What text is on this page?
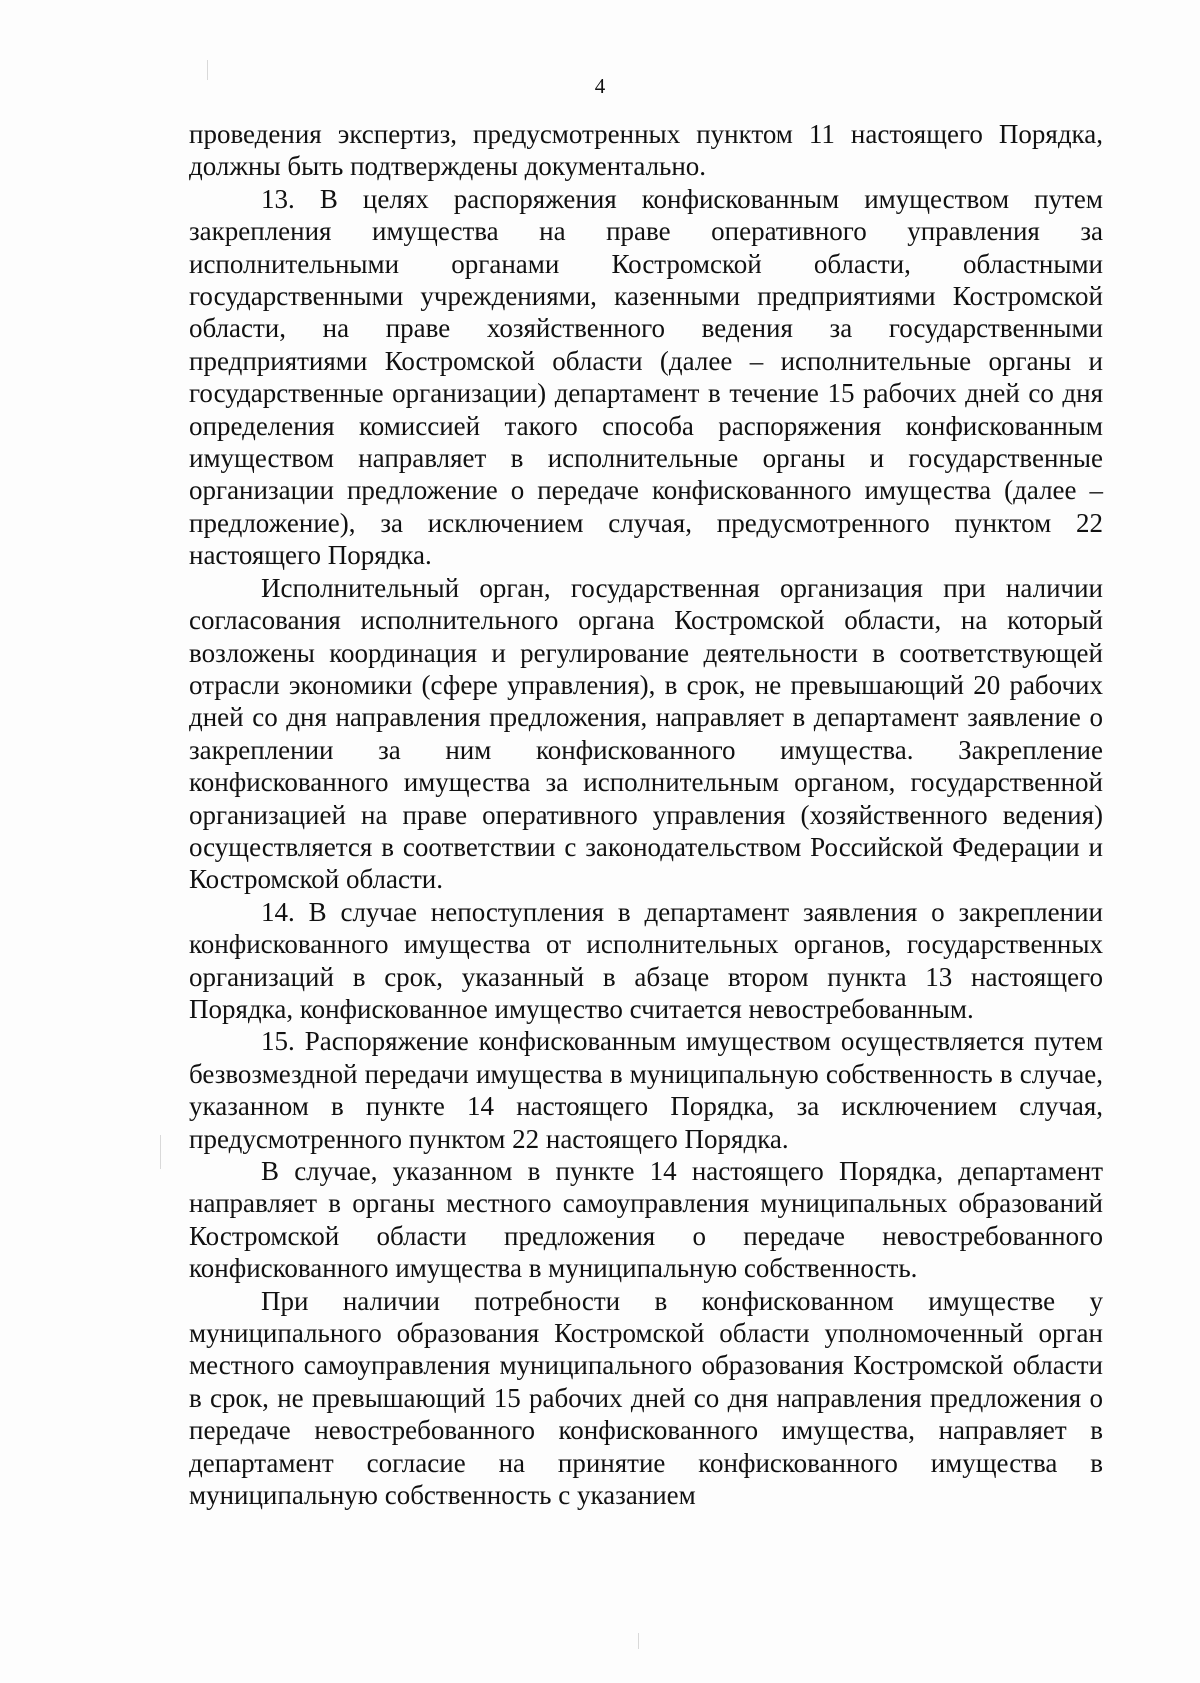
4

проведения экспертиз, предусмотренных пунктом 11 настоящего Порядка, должны быть подтверждены документально.

13. В целях распоряжения конфискованным имуществом путем закрепления имущества на праве оперативного управления за исполнительными органами Костромской области, областными государственными учреждениями, казенными предприятиями Костромской области, на праве хозяйственного ведения за государственными предприятиями Костромской области (далее – исполнительные органы и государственные организации) департамент в течение 15 рабочих дней со дня определения комиссией такого способа распоряжения конфискованным имуществом направляет в исполнительные органы и государственные организации предложение о передаче конфискованного имущества (далее – предложение), за исключением случая, предусмотренного пунктом 22 настоящего Порядка.

Исполнительный орган, государственная организация при наличии согласования исполнительного органа Костромской области, на который возложены координация и регулирование деятельности в соответствующей отрасли экономики (сфере управления), в срок, не превышающий 20 рабочих дней со дня направления предложения, направляет в департамент заявление о закреплении за ним конфискованного имущества. Закрепление конфискованного имущества за исполнительным органом, государственной организацией на праве оперативного управления (хозяйственного ведения) осуществляется в соответствии с законодательством Российской Федерации и Костромской области.

14. В случае непоступления в департамент заявления о закреплении конфискованного имущества от исполнительных органов, государственных организаций в срок, указанный в абзаце втором пункта 13 настоящего Порядка, конфискованное имущество считается невостребованным.

15. Распоряжение конфискованным имуществом осуществляется путем безвозмездной передачи имущества в муниципальную собственность в случае, указанном в пункте 14 настоящего Порядка, за исключением случая, предусмотренного пунктом 22 настоящего Порядка.

В случае, указанном в пункте 14 настоящего Порядка, департамент направляет в органы местного самоуправления муниципальных образований Костромской области предложения о передаче невостребованного конфискованного имущества в муниципальную собственность.

При наличии потребности в конфискованном имуществе у муниципального образования Костромской области уполномоченный орган местного самоуправления муниципального образования Костромской области в срок, не превышающий 15 рабочих дней со дня направления предложения о передаче невостребованного конфискованного имущества, направляет в департамент согласие на принятие конфискованного имущества в муниципальную собственность с указанием
